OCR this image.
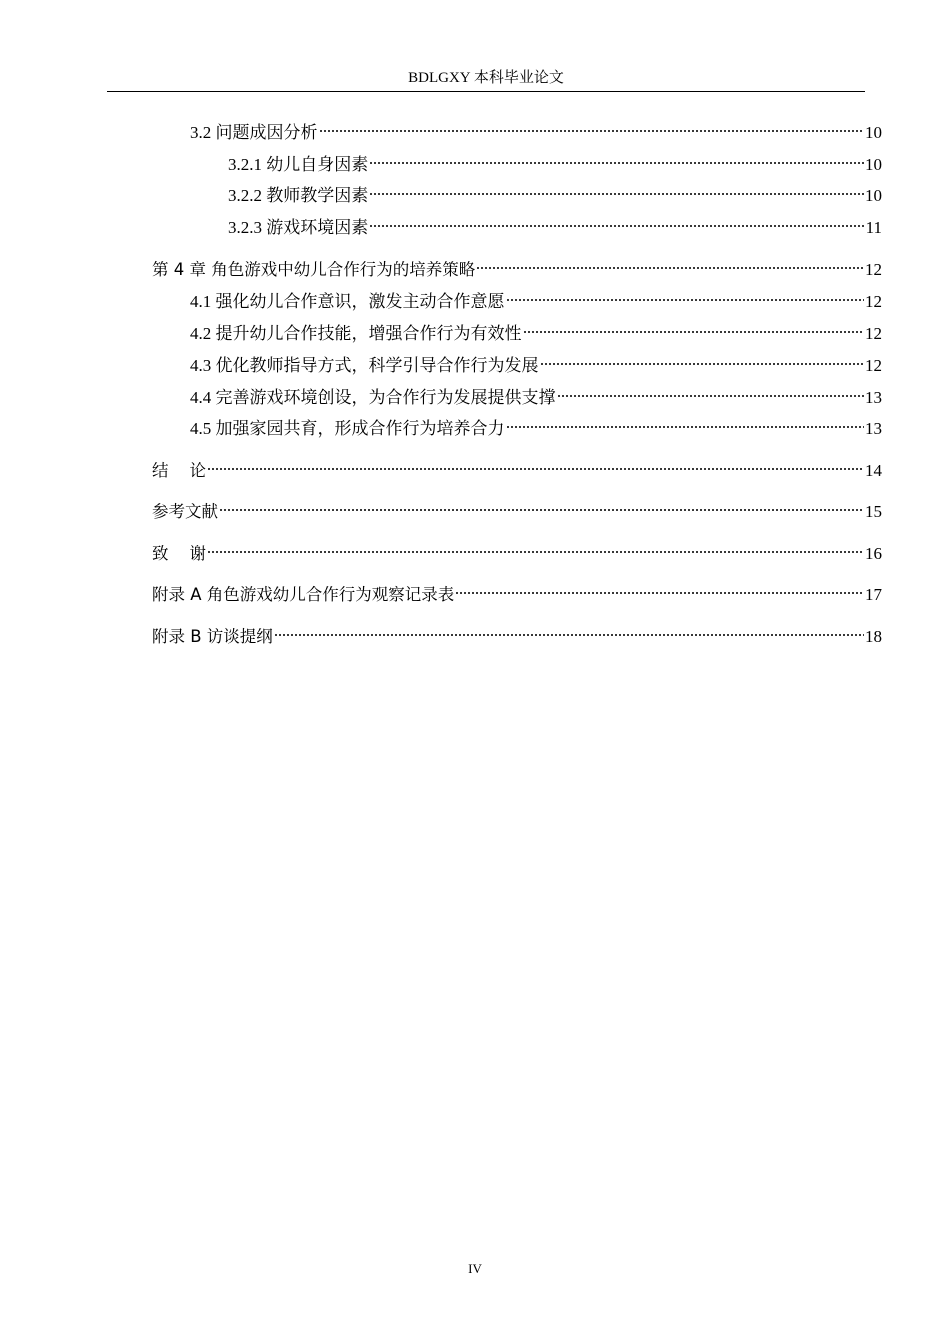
BDLGXY 本科毕业论文
3.2 问题成因分析	10
3.2.1 幼儿自身因素	10
3.2.2 教师教学因素	10
3.2.3 游戏环境因素	11
第 4 章 角色游戏中幼儿合作行为的培养策略	12
4.1 强化幼儿合作意识，激发主动合作意愿	12
4.2 提升幼儿合作技能，增强合作行为有效性	12
4.3 优化教师指导方式，科学引导合作行为发展	12
4.4 完善游戏环境创设，为合作行为发展提供支撑	13
4.5 加强家园共育，形成合作行为培养合力	13
结    论	14
参考文献	15
致    谢	16
附录 A 角色游戏幼儿合作行为观察记录表	17
附录 B 访谈提纲	18
IV
